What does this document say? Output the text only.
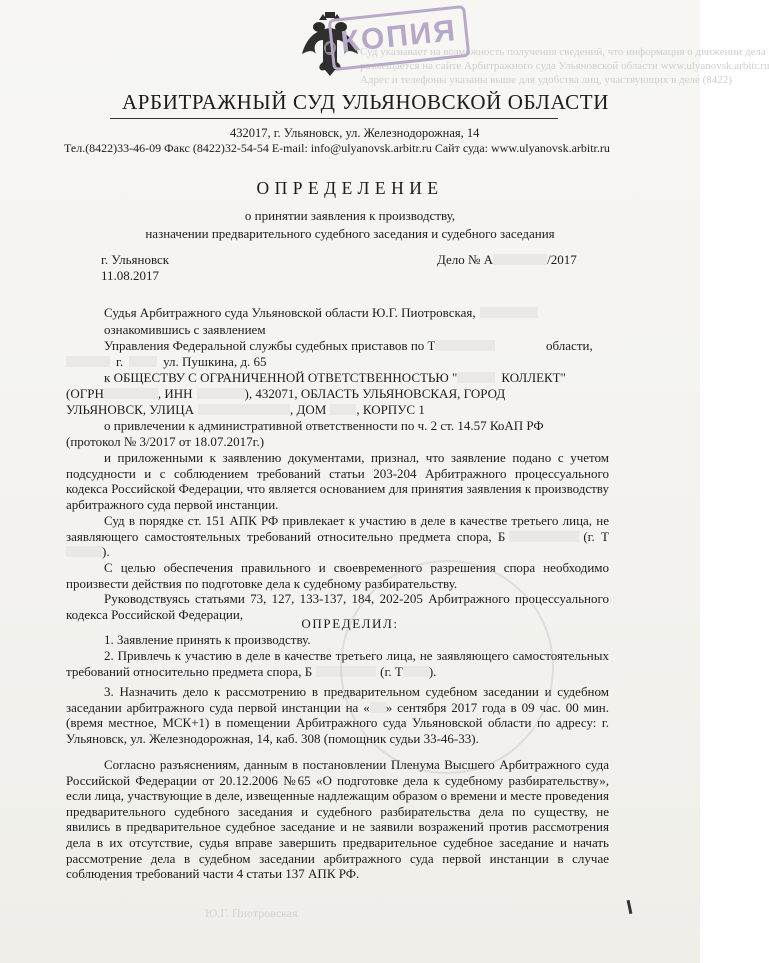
Суд указывает на возможность получения сведений, что информация о движении дела
размещается на сайте Арбитражного суда Ульяновской области www.ulyanovsk.arbitr.ru
Адрес и телефоны указаны выше для удобства лиц, участвующих в деле (8422)
КОПИЯ
АРБИТРАЖНЫЙ СУД УЛЬЯНОВСКОЙ ОБЛАСТИ
432017, г. Ульяновск, ул. Железнодорожная, 14
Тел.(8422)33-46-09 Факс (8422)32-54-54 E-mail: info@ulyanovsk.arbitr.ru Сайт суда: www.ulyanovsk.arbitr.ru
ОПРЕДЕЛЕНИЕ
о принятии заявления к производству,
назначении предварительного судебного заседания и судебного заседания
г. Ульяновск	Дело № А	/2017
11.08.2017
Судья Арбитражного суда Ульяновской области Ю.Г. Пиотровская,
ознакомившись с заявлением
Управления Федеральной службы судебных приставов по Т	области,
г.	ул. Пушкина, д. 65
к ОБЩЕСТВУ С ОГРАНИЧЕННОЙ ОТВЕТСТВЕННОСТЬЮ "	КОЛЛЕКТ"
(ОГРН	, ИНН	), 432071, ОБЛАСТЬ УЛЬЯНОВСКАЯ, ГОРОД
УЛЬЯНОВСК, УЛИЦА	, ДОМ , КОРПУС 1
о привлечении к административной ответственности по ч. 2 ст. 14.57 КоАП РФ
(протокол № 3/2017 от 18.07.2017г.)
и приложенными к заявлению документами, признал, что заявление подано с учетом подсудности и с соблюдением требований статьи 203-204 Арбитражного процессуального кодекса Российской Федерации, что является основанием для принятия заявления к производству арбитражного суда первой инстанции.
Суд в порядке ст. 151 АПК РФ привлекает к участию в деле в качестве третьего лица, не заявляющего самостоятельных требований относительно предмета спора, Б	(г. Т).
С целью обеспечения правильного и своевременного разрешения спора необходимо произвести действия по подготовке дела к судебному разбирательству.
Руководствуясь статьями 73, 127, 133-137, 184, 202-205 Арбитражного процессуального кодекса Российской Федерации,
ОПРЕДЕЛИЛ:
1. Заявление принять к производству.
2. Привлечь к участию в деле в качестве третьего лица, не заявляющего самостоятельных требований относительно предмета спора, Б	(г. Т ).
3. Назначить дело к рассмотрению в предварительном судебном заседании и судебном заседании арбитражного суда первой инстанции на « » сентября 2017 года в 09 час. 00 мин. (время местное, МСК+1) в помещении Арбитражного суда Ульяновской области по адресу: г. Ульяновск, ул. Железнодорожная, 14, каб. 308 (помощник судьи 33-46-33).
Согласно разъяснениям, данным в постановлении Пленума Высшего Арбитражного суда Российской Федерации от 20.12.2006 №65 «О подготовке дела к судебному разбирательству», если лица, участвующие в деле, извещенные надлежащим образом о времени и месте проведения предварительного судебного заседания и судебного разбирательства дела по существу, не явились в предварительное судебное заседание и не заявили возражений против рассмотрения дела в их отсутствие, судья вправе завершить предварительное судебное заседание и начать рассмотрение дела в судебном заседании арбитражного суда первой инстанции в случае соблюдения требований части 4 статьи 137 АПК РФ.
Ю.Г. Пиотровская
